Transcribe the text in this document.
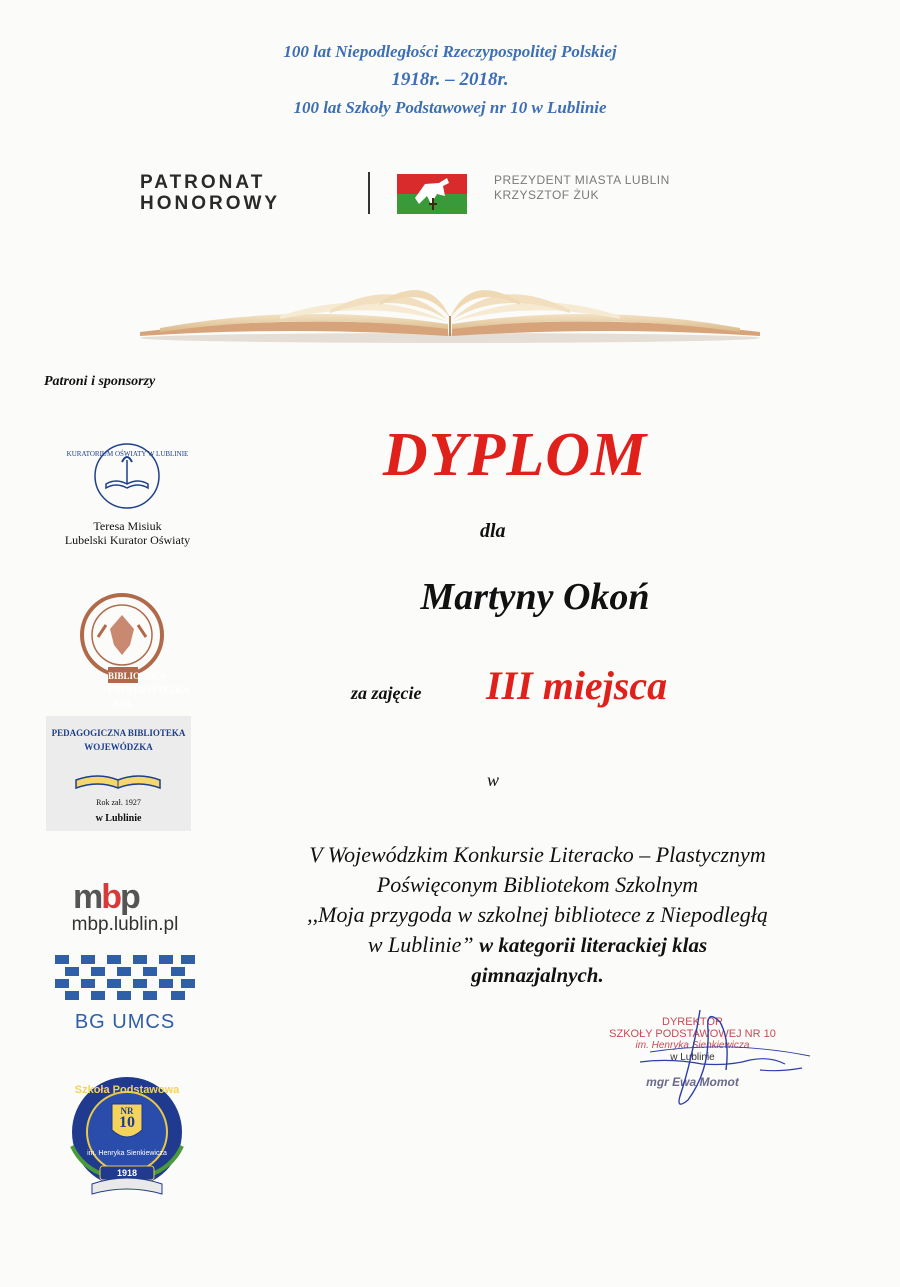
100 lat Niepodległości Rzeczypospolitej Polskiej
1918r. – 2018r.
100 lat Szkoły Podstawowej nr 10 w Lublinie
PATRONAT
HONOROWY
PREZYDENT MIASTA LUBLIN
KRZYSZTOF ŻUK
Patroni i sponsorzy
KURATORIUM OŚWIATY W LUBLINIE
Teresa Misiuk
Lubelski Kurator Oświaty
BIBLIOTEKA UNIWERSYTECKA KUL
PEDAGOGICZNA BIBLIOTEKA WOJEWÓDZKA
Rok zał. 1927
w Lublinie
mbp
mbp.lublin.pl
BG UMCS
Szkoła Podstawowa
NR
10
im. Henryka Sienkiewicza
1918
DYPLOM
dla
Martyny Okoń
za zajęcie III miejsca
w
V Wojewódzkim Konkursie Literacko – Plastycznym
Poświęconym Bibliotekom Szkolnym
,,Moja przygoda w szkolnej bibliotece z Niepodległą
w Lublinie” w kategorii literackiej klas
gimnazjalnych.
DYREKTOR
SZKOŁY PODSTAWOWEJ NR 10
im. Henryka Sienkiewicza
w Lublinie
mgr Ewa Momot
